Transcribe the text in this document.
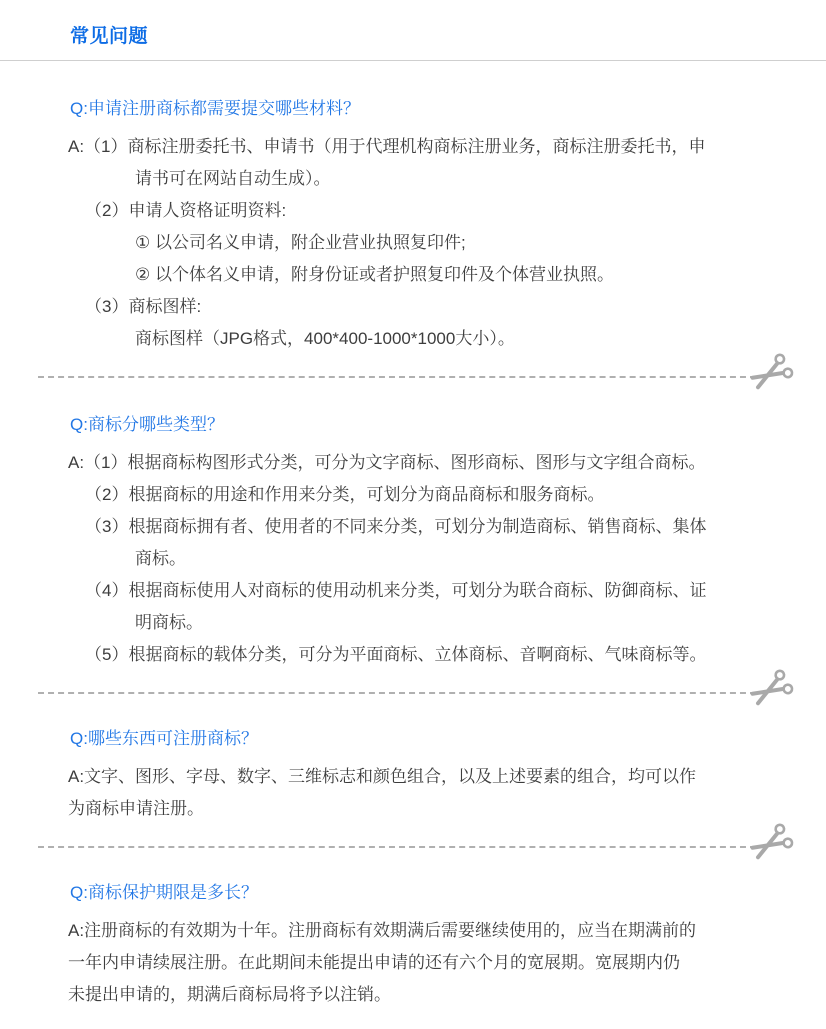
常见问题
Q:申请注册商标都需要提交哪些材料？

A:（1）商标注册委托书、申请书（用于代理机构商标注册业务，商标注册委托书，申

请书可在网站自动生成）。

（2）申请人资格证明资料:

① 以公司名义申请，附企业营业执照复印件;

② 以个体名义申请，附身份证或者护照复印件及个体营业执照。

（3）商标图样:

商标图样（JPG格式，400*400-1000*1000大小）。

Q:商标分哪些类型？

A:（1）根据商标构图形式分类，可分为文字商标、图形商标、图形与文字组合商标。

（2）根据商标的用途和作用来分类，可划分为商品商标和服务商标。

（3）根据商标拥有者、使用者的不同来分类，可划分为制造商标、销售商标、集体

商标。

（4）根据商标使用人对商标的使用动机来分类，可划分为联合商标、防御商标、证

明商标。

（5）根据商标的载体分类，可分为平面商标、立体商标、音啊商标、气味商标等。

Q:哪些东西可注册商标？

A:文字、图形、字母、数字、三维标志和颜色组合，以及上述要素的组合，均可以作

为商标申请注册。

Q:商标保护期限是多长？

A:注册商标的有效期为十年。注册商标有效期满后需要继续使用的，应当在期满前的

一年内申请续展注册。在此期间未能提出申请的还有六个月的宽展期。宽展期内仍

未提出申请的，期满后商标局将予以注销。
